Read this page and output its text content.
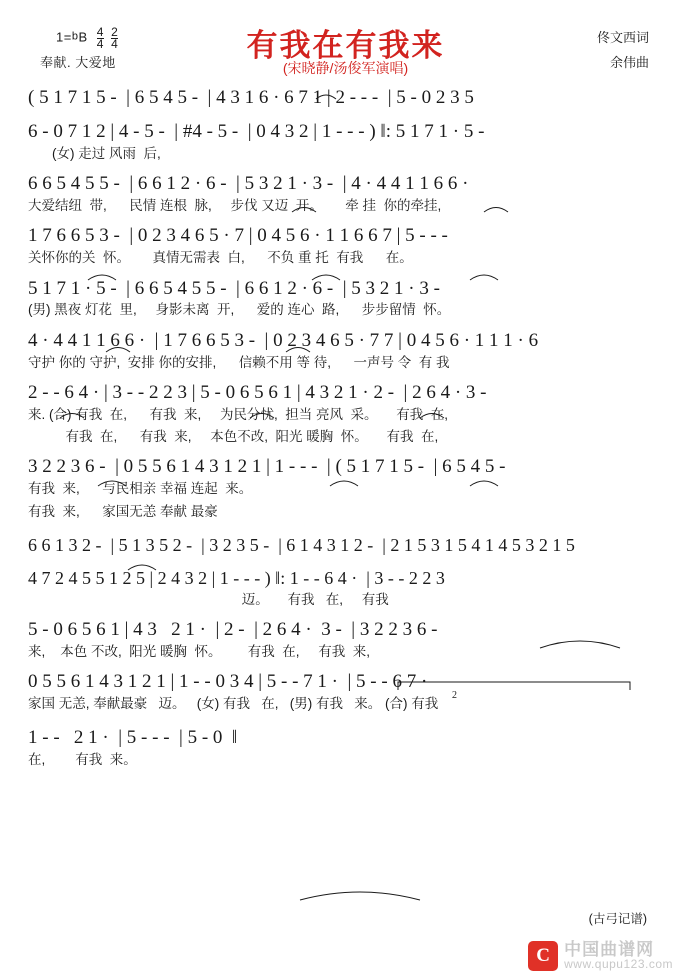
$1=bB \frac{4}{4}$
$\frac{2}{4}$
奉献. 大爱地	有我在有我来
(宋晓静/汤俊军演唱)
佟文西词
余伟曲
( 5 1 7 1 5 -  | 6 5 4 5 -  | 4 3 1 6 · 6 7 1 | 2 - - -  | 5 - 0 2 3 5
6 - 0 7 1 2 | 4 - 5 -  | #4 - 5 -  | 0 4 3 2 | 1 - - - ) ‖: 5 1 7 1 · 5 -
(女) 走过 风雨  后,
6 6 5 4 5 5 -  | 6 6 1 2 · 6 -  | 5 3 2 1 · 3 -  | 4 · 4 4 1 1 6 6 ·
大爱结纽  带,      民情 连根  脉,     步伐 又迈  开。      牵 挂  你的牵挂,
1 7 6 6 5 3 -  | 0 2 3 4 6 5 · 7 | 0 4 5 6 · 1 1 6 6 7 | 5 - - -
关怀你的关  怀。      真情无需表  白,      不负 重 托  有我      在。
5 1 7 1 · 5 -  | 6 6 5 4 5 5 -  | 6 6 1 2 · 6 -  | 5 3 2 1 · 3 -
(男) 黑夜 灯花  里,     身影未离  开,      爱的 连心  路,      步步留情  怀。
4 · 4 4 1 1 6 6 ·  | 1 7 6 6 5 3 -  | 0 2 3 4 6 5 · 7 7 | 0 4 5 6 · 1 1 1 · 6
守护 你的 守护,  安排 你的安排,      信赖不用 等 待,      一声号 令  有 我
2 - - 6 4 · | 3 - - 2 2 3 | 5 - 0 6 5 6 1 | 4 3 2 1 · 2 -  | 2 6 4 · 3 -
来. (合) 有我  在,      有我  来,     为民分忧,  担当 亮风  采。     有我  在,
有我  在,      有我  来,     本色不改,  阳光 暖胸  怀。     有我  在,
3 2 2 3 6 -  | 0 5 5 6 1 4 3 1 2 1 | 1 - - -  | ( 5 1 7 1 5 -  | 6 5 4 5 -
有我  来,      与民相亲 幸福 连起  来。
有我  来,      家国无恙 奉献 最豪
6 6 1 3 2 -  | 5 1 3 5 2 -  | 3 2 3 5 -  | 6 1 4 3 1 2 -  | 2 1 5 3 1 5 4 1 4 5 3 2 1 5
4 7 2 4 5 5 1 2 5 | 2 4 3 2 | 1 - - - ) ‖: 1 - - 6 4 ·  | 3 - - 2 2 3
迈。     有我   在,     有我
5 - 0 6 5 6 1 | 4 3   2 1 ·  | 2 -  | 2 6 4 ·  3 -  | 3 2 2 3 6 -
来,    本色 不改,  阳光 暖胸  怀。       有我  在,     有我  来,
0 5 5 6 1 4 3 1 2 1 | 1 - - 0 3 4 | 5 - - 7 1 ·  | 5 - - 6 7 ·
家国 无恙, 奉献最豪   迈。   (女) 有我   在,   (男) 有我   来。 (合) 有我
1 - -   2 1 ·  | 5 - - -  | 5 - 0  ‖
在,        有我  来。
2
(古弓记谱)
C 中国曲谱网
www.qupu123.com
